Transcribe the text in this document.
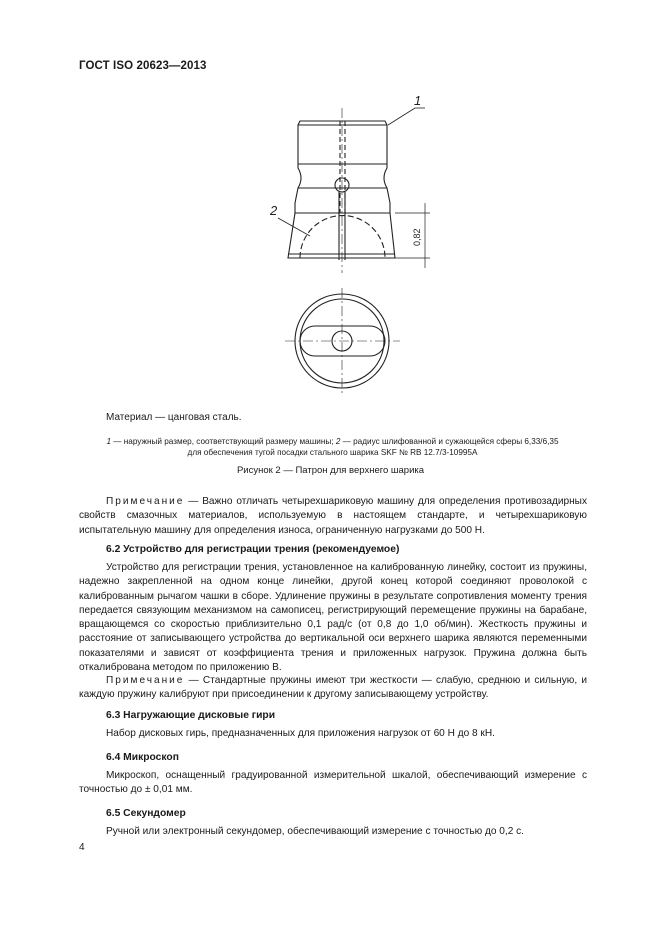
ГОСТ ISO 20623—2013
1
2
0,82
Материал — цанговая сталь.
1 — наружный размер, соответствующий размеру машины; 2 — радиус шлифованной и сужающейся сферы 6,33/6,35
для обеспечения тугой посадки стального шарика SKF № RB 12.7/3-10995A
Рисунок 2 — Патрон для верхнего шарика
Примечание — Важно отличать четырехшариковую машину для определения противозадирных свойств смазочных материалов, используемую в настоящем стандарте, и четырехшариковую испытательную машину для определения износа, ограниченную нагрузками до 500 Н.
6.2 Устройство для регистрации трения (рекомендуемое)
Устройство для регистрации трения, установленное на калиброванную линейку, состоит из пружины, надежно закрепленной на одном конце линейки, другой конец которой соединяют проволокой с калиброванным рычагом чашки в сборе. Удлинение пружины в результате сопротивления моменту трения передается связующим механизмом на самописец, регистрирующий перемещение пружины на барабане, вращающемся со скоростью приблизительно 0,1 рад/с (от 0,8 до 1,0 об/мин). Жесткость пружины и расстояние от записывающего устройства до вертикальной оси верхнего шарика являются переменными показателями и зависят от коэффициента трения и приложенных нагрузок. Пружина должна быть откалибрована методом по приложению В.
Примечание — Стандартные пружины имеют три жесткости — слабую, среднюю и сильную, и каждую пружину калибруют при присоединении к другому записывающему устройству.
6.3 Нагружающие дисковые гири
Набор дисковых гирь, предназначенных для приложения нагрузок от 60 Н до 8 кН.
6.4 Микроскоп
Микроскоп, оснащенный градуированной измерительной шкалой, обеспечивающий измерение с точностью до ± 0,01 мм.
6.5 Секундомер
Ручной или электронный секундомер, обеспечивающий измерение с точностью до 0,2 с.
4
